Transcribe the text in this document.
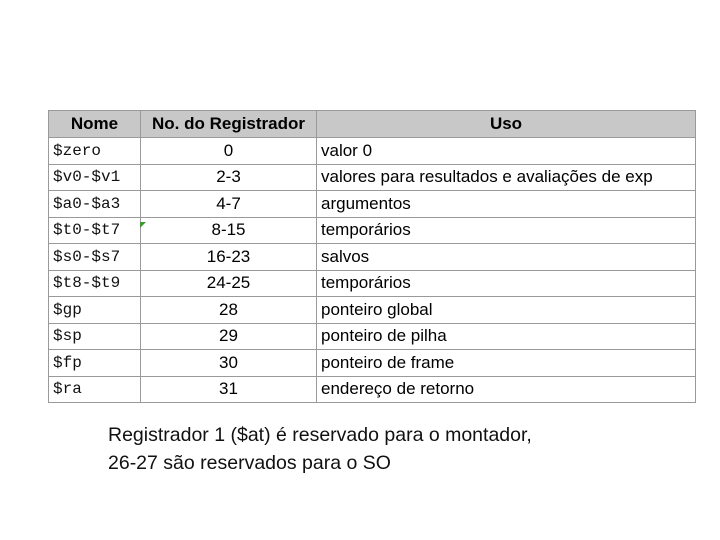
Nome	No. do Registrador	Uso
$zero	0	valor 0
$v0-$v1	2-3	valores para resultados e avaliações de exp
$a0-$a3	4-7	argumentos
$t0-$t7	8-15	temporários
$s0-$s7	16-23	salvos
$t8-$t9	24-25	temporários
$gp	28	ponteiro global
$sp	29	ponteiro de pilha
$fp	30	ponteiro de frame
$ra	31	endereço de retorno
Registrador 1 ($at) é reservado para o montador,
26-27 são reservados para o SO
